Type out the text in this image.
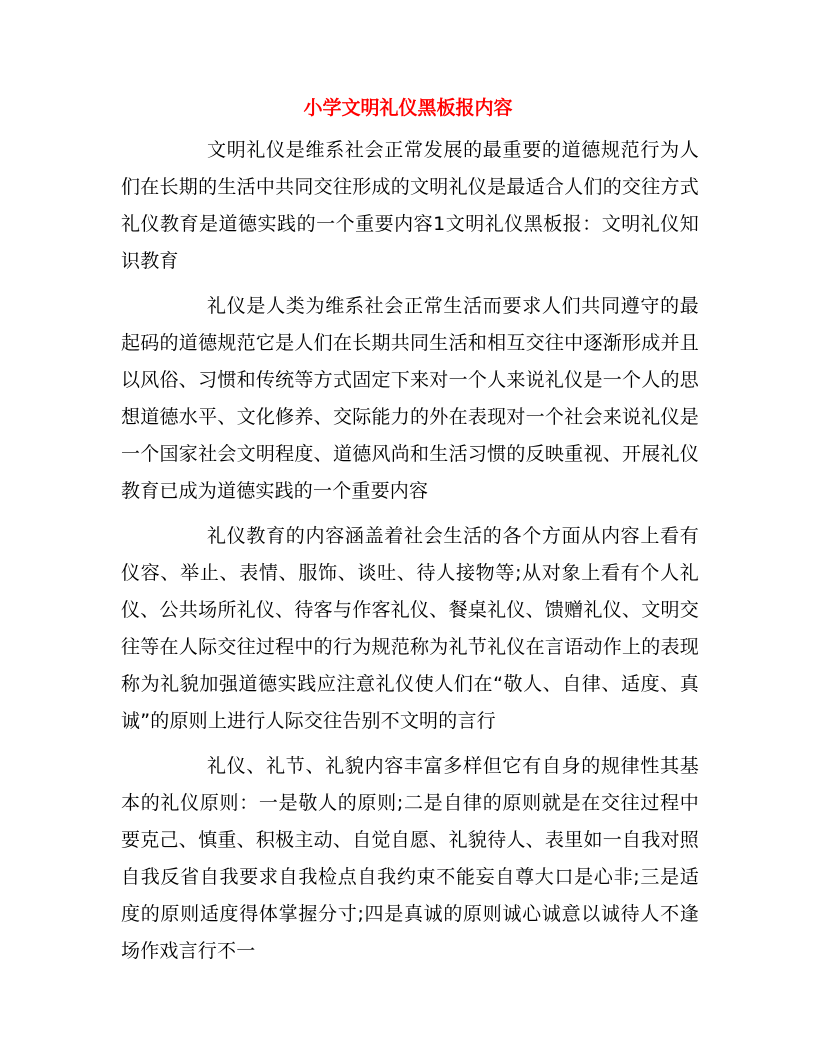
小学文明礼仪黑板报内容

文明礼仪是维系社会正常发展的最重要的道德规范行为人们在长期的生活中共同交往形成的文明礼仪是最适合人们的交往方式礼仪教育是道德实践的一个重要内容1文明礼仪黑板报：文明礼仪知识教育

礼仪是人类为维系社会正常生活而要求人们共同遵守的最起码的道德规范它是人们在长期共同生活和相互交往中逐渐形成并且以风俗、习惯和传统等方式固定下来对一个人来说礼仪是一个人的思想道德水平、文化修养、交际能力的外在表现对一个社会来说礼仪是一个国家社会文明程度、道德风尚和生活习惯的反映重视、开展礼仪教育已成为道德实践的一个重要内容

礼仪教育的内容涵盖着社会生活的各个方面从内容上看有仪容、举止、表情、服饰、谈吐、待人接物等;从对象上看有个人礼仪、公共场所礼仪、待客与作客礼仪、餐桌礼仪、馈赠礼仪、文明交往等在人际交往过程中的行为规范称为礼节礼仪在言语动作上的表现称为礼貌加强道德实践应注意礼仪使人们在“敬人、自律、适度、真诚”的原则上进行人际交往告别不文明的言行

礼仪、礼节、礼貌内容丰富多样但它有自身的规律性其基本的礼仪原则：一是敬人的原则;二是自律的原则就是在交往过程中要克己、慎重、积极主动、自觉自愿、礼貌待人、表里如一自我对照自我反省自我要求自我检点自我约束不能妄自尊大口是心非;三是适度的原则适度得体掌握分寸;四是真诚的原则诚心诚意以诚待人不逢场作戏言行不一
